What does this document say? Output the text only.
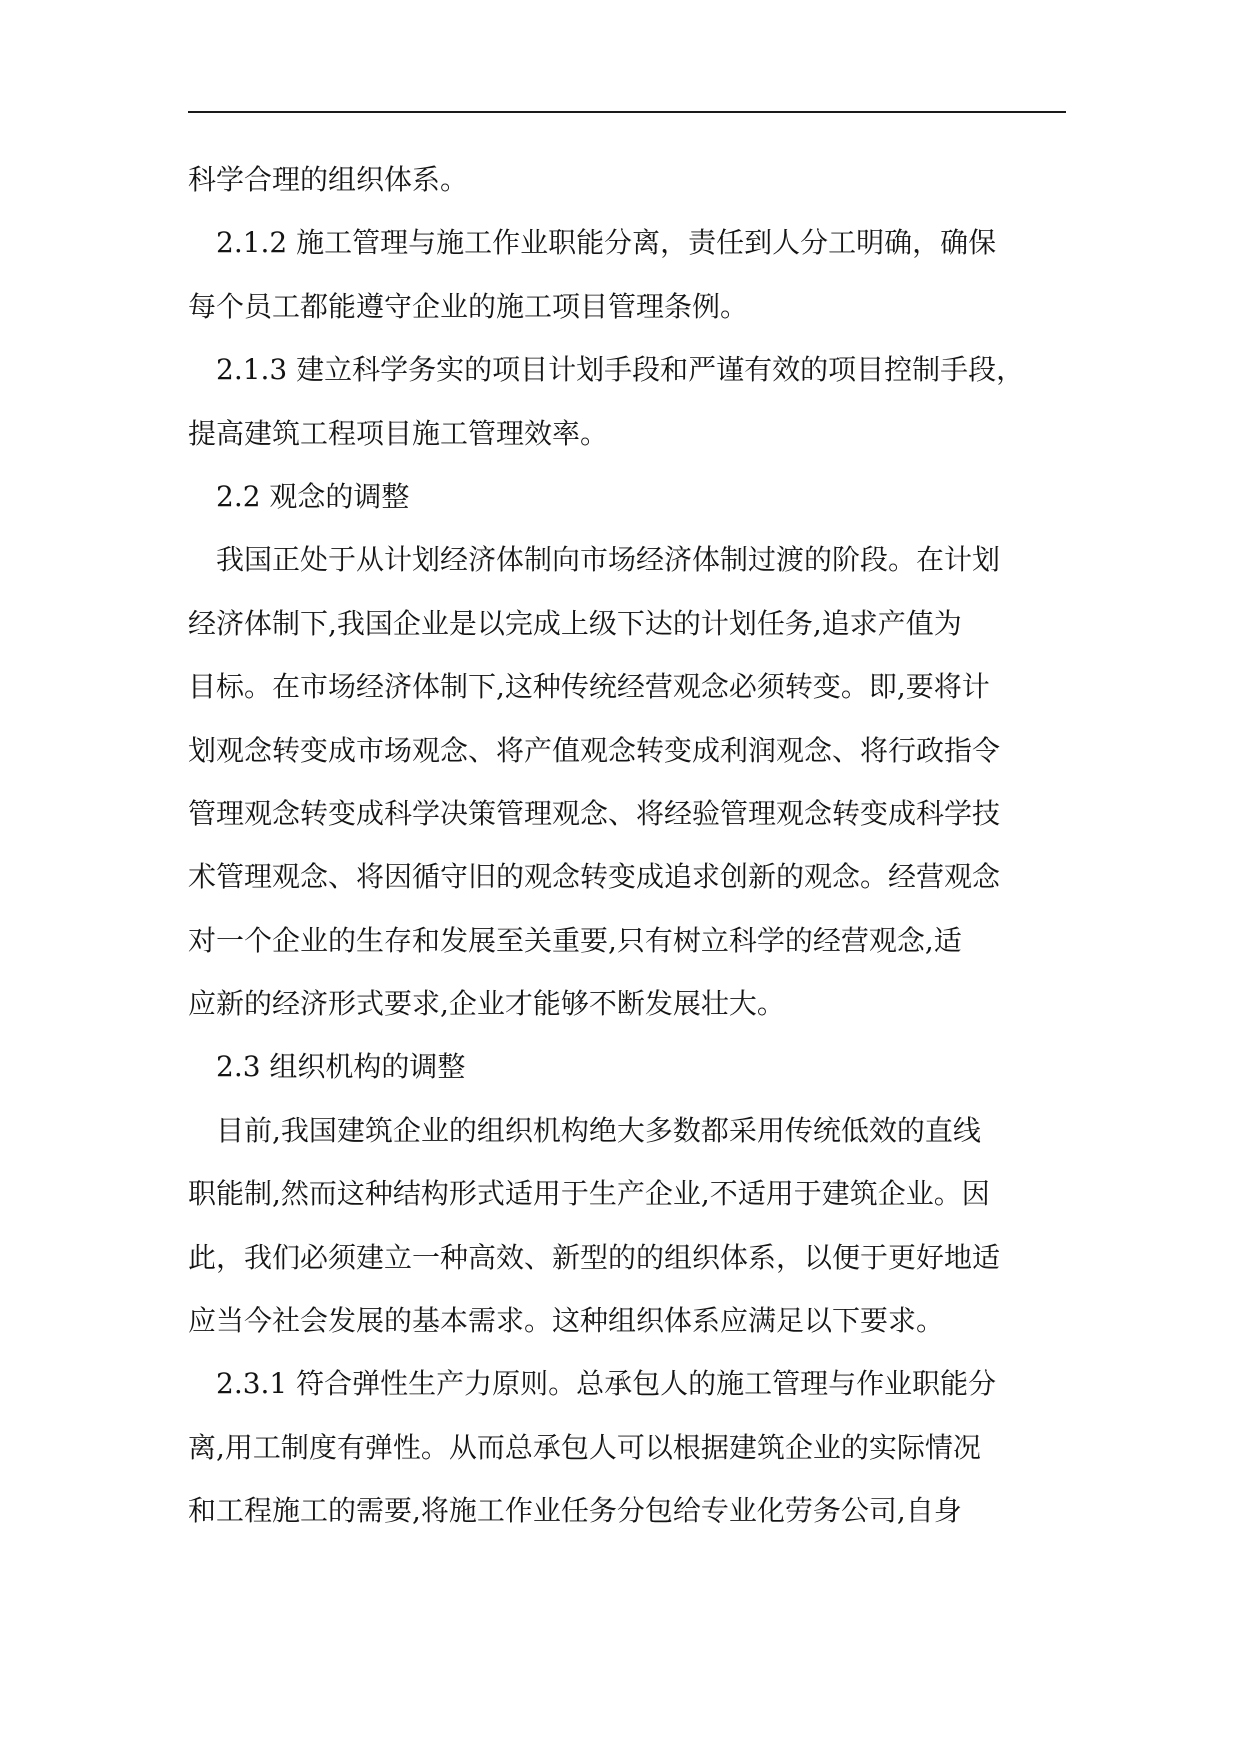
科学合理的组织体系。
2.1.2 施工管理与施工作业职能分离，责任到人分工明确，确保
每个员工都能遵守企业的施工项目管理条例。
2.1.3 建立科学务实的项目计划手段和严谨有效的项目控制手段，
提高建筑工程项目施工管理效率。
2.2 观念的调整
我国正处于从计划经济体制向市场经济体制过渡的阶段。在计划
经济体制下,我国企业是以完成上级下达的计划任务,追求产值为
目标。在市场经济体制下,这种传统经营观念必须转变。即,要将计
划观念转变成市场观念、将产值观念转变成利润观念、将行政指令
管理观念转变成科学决策管理观念、将经验管理观念转变成科学技
术管理观念、将因循守旧的观念转变成追求创新的观念。经营观念
对一个企业的生存和发展至关重要,只有树立科学的经营观念,适
应新的经济形式要求,企业才能够不断发展壮大。
2.3 组织机构的调整
目前,我国建筑企业的组织机构绝大多数都采用传统低效的直线
职能制,然而这种结构形式适用于生产企业,不适用于建筑企业。因
此，我们必须建立一种高效、新型的的组织体系，以便于更好地适
应当今社会发展的基本需求。这种组织体系应满足以下要求。
2.3.1 符合弹性生产力原则。总承包人的施工管理与作业职能分
离,用工制度有弹性。从而总承包人可以根据建筑企业的实际情况
和工程施工的需要,将施工作业任务分包给专业化劳务公司,自身
